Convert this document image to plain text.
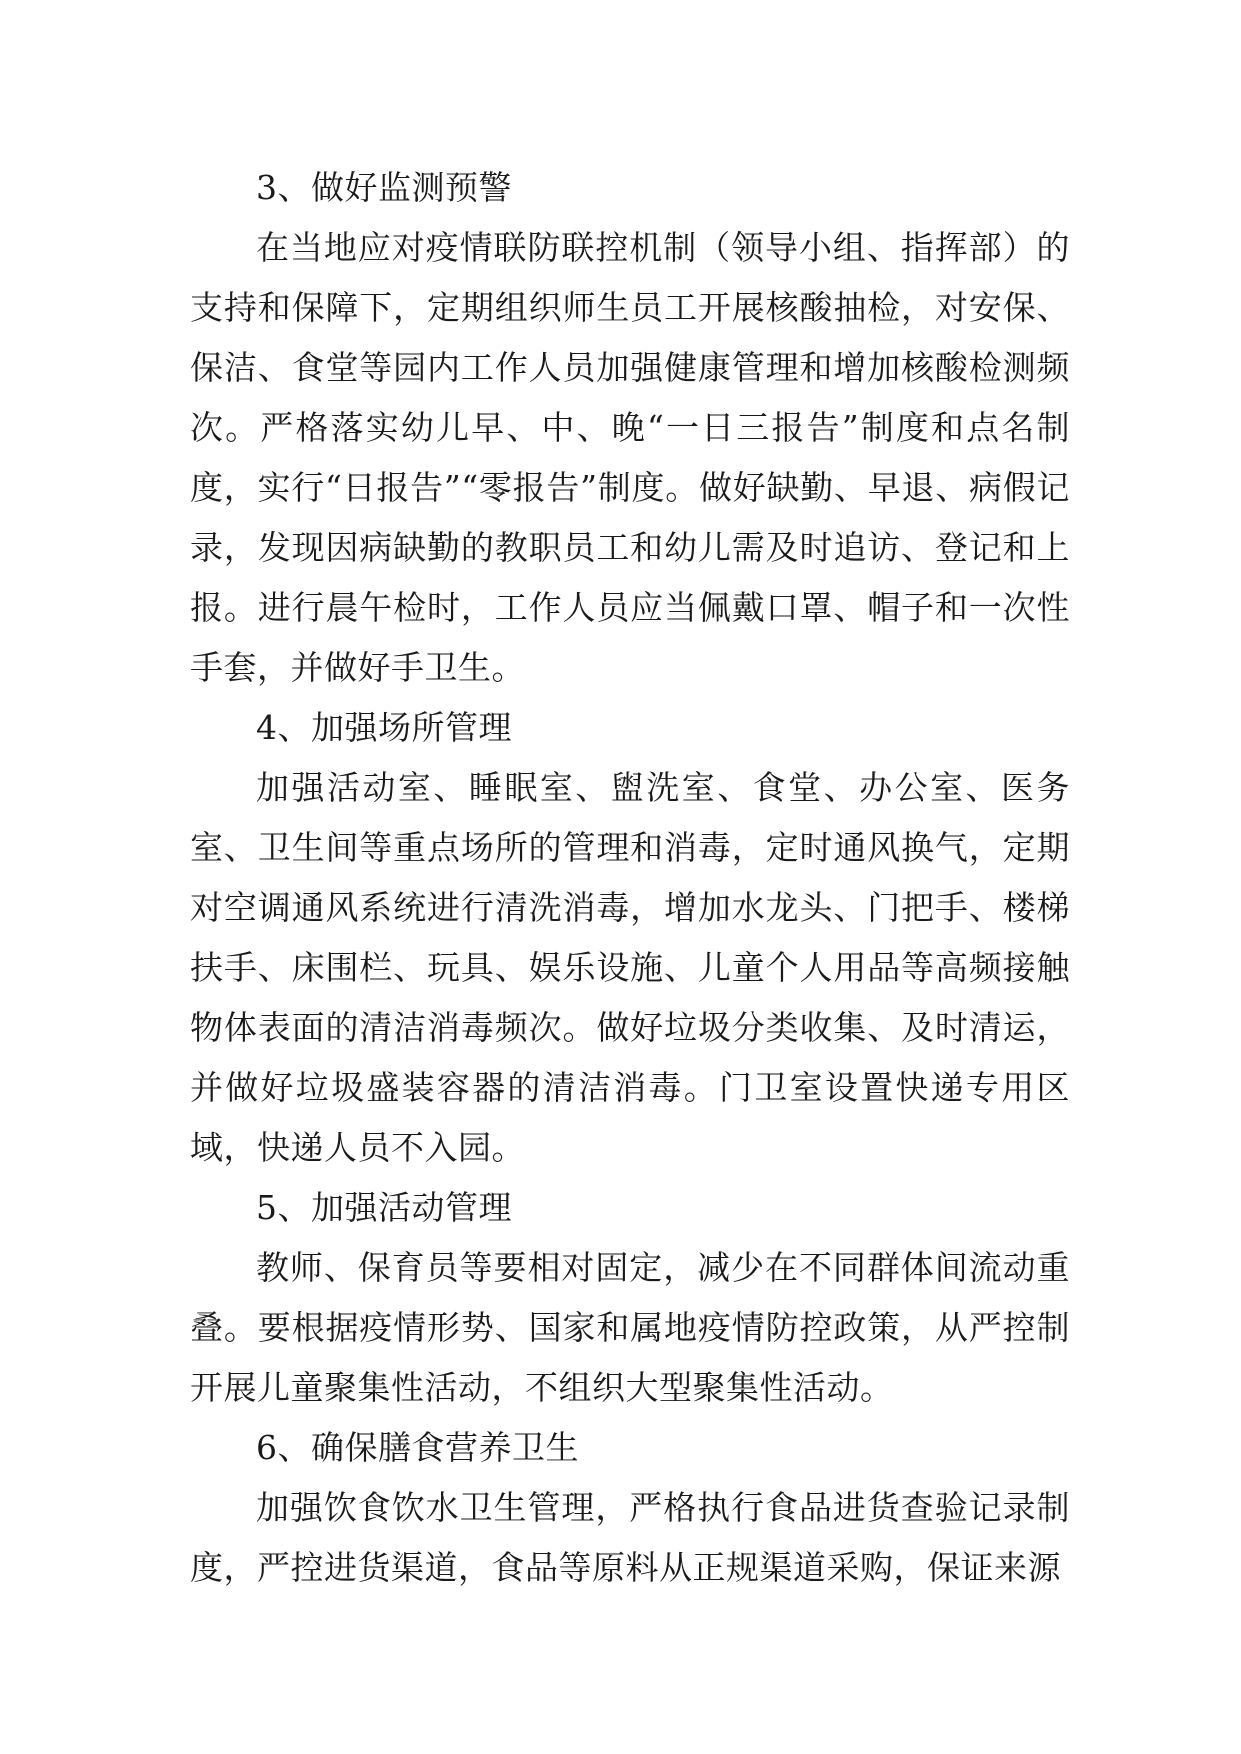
3、做好监测预警

在当地应对疫情联防联控机制（领导小组、指挥部）的支持和保障下，定期组织师生员工开展核酸抽检，对安保、保洁、食堂等园内工作人员加强健康管理和增加核酸检测频次。严格落实幼儿早、中、晚“一日三报告”制度和点名制度，实行“日报告”“零报告”制度。做好缺勤、早退、病假记录，发现因病缺勤的教职员工和幼儿需及时追访、登记和上报。进行晨午检时，工作人员应当佩戴口罩、帽子和一次性手套，并做好手卫生。

4、加强场所管理

加强活动室、睡眠室、盥洗室、食堂、办公室、医务室、卫生间等重点场所的管理和消毒，定时通风换气，定期对空调通风系统进行清洗消毒，增加水龙头、门把手、楼梯扶手、床围栏、玩具、娱乐设施、儿童个人用品等高频接触物体表面的清洁消毒频次。做好垃圾分类收集、及时清运，并做好垃圾盛装容器的清洁消毒。门卫室设置快递专用区域，快递人员不入园。

5、加强活动管理

教师、保育员等要相对固定，减少在不同群体间流动重叠。要根据疫情形势、国家和属地疫情防控政策，从严控制开展儿童聚集性活动，不组织大型聚集性活动。

6、确保膳食营养卫生

加强饮食饮水卫生管理，严格执行食品进货查验记录制度，严控进货渠道，食品等原料从正规渠道采购，保证来源
